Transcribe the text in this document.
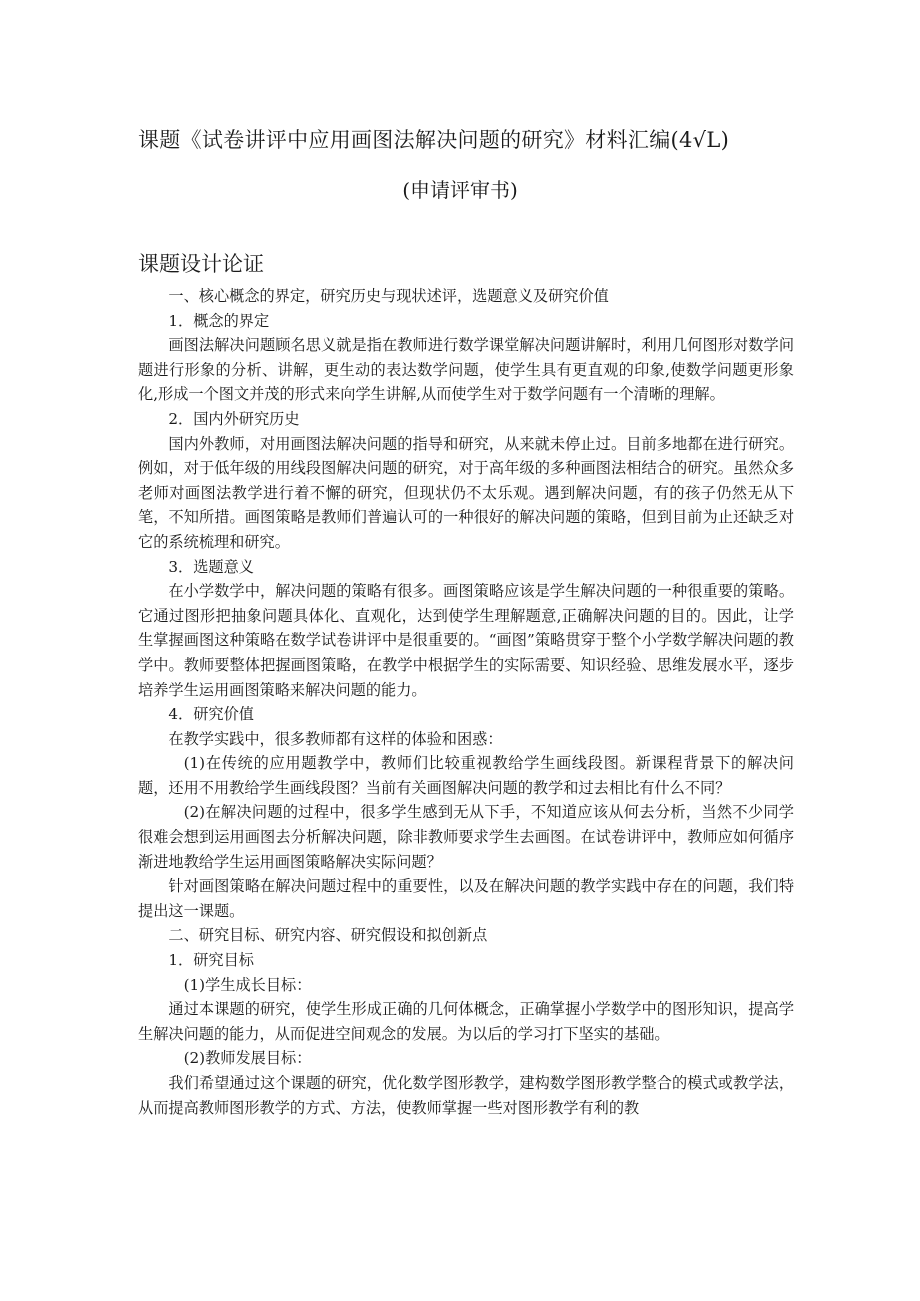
课题《试卷讲评中应用画图法解决问题的研究》材料汇编(4√L)
(申请评审书)
课题设计论证

一、核心概念的界定，研究历史与现状述评，选题意义及研究价值

1．概念的界定

画图法解决问题顾名思义就是指在教师进行数学课堂解决问题讲解时，利用几何图形对数学问题进行形象的分析、讲解，更生动的表达数学问题，使学生具有更直观的印象,使数学问题更形象化,形成一个图文并茂的形式来向学生讲解,从而使学生对于数学问题有一个清晰的理解。

2．国内外研究历史

国内外教师，对用画图法解决问题的指导和研究，从来就未停止过。目前多地都在进行研究。例如，对于低年级的用线段图解决问题的研究，对于高年级的多种画图法相结合的研究。虽然众多老师对画图法教学进行着不懈的研究，但现状仍不太乐观。遇到解决问题，有的孩子仍然无从下笔，不知所措。画图策略是教师们普遍认可的一种很好的解决问题的策略，但到目前为止还缺乏对它的系统梳理和研究。

3．选题意义

在小学数学中，解决问题的策略有很多。画图策略应该是学生解决问题的一种很重要的策略。它通过图形把抽象问题具体化、直观化，达到使学生理解题意,正确解决问题的目的。因此，让学生掌握画图这种策略在数学试卷讲评中是很重要的。“画图”策略贯穿于整个小学数学解决问题的教学中。教师要整体把握画图策略，在教学中根据学生的实际需要、知识经验、思维发展水平，逐步培养学生运用画图策略来解决问题的能力。

4．研究价值

在教学实践中，很多教师都有这样的体验和困惑：

(1)在传统的应用题教学中，教师们比较重视教给学生画线段图。新课程背景下的解决问题，还用不用教给学生画线段图？当前有关画图解决问题的教学和过去相比有什么不同？

(2)在解决问题的过程中，很多学生感到无从下手，不知道应该从何去分析，当然不少同学很难会想到运用画图去分析解决问题，除非教师要求学生去画图。在试卷讲评中，教师应如何循序渐进地教给学生运用画图策略解决实际问题？

针对画图策略在解决问题过程中的重要性，以及在解决问题的教学实践中存在的问题，我们特提出这一课题。

二、研究目标、研究内容、研究假设和拟创新点

1．研究目标

(1)学生成长目标：

通过本课题的研究，使学生形成正确的几何体概念，正确掌握小学数学中的图形知识，提高学生解决问题的能力，从而促进空间观念的发展。为以后的学习打下坚实的基础。

(2)教师发展目标：

我们希望通过这个课题的研究，优化数学图形教学，建构数学图形教学整合的模式或教学法，从而提高教师图形教学的方式、方法，使教师掌握一些对图形教学有利的教
